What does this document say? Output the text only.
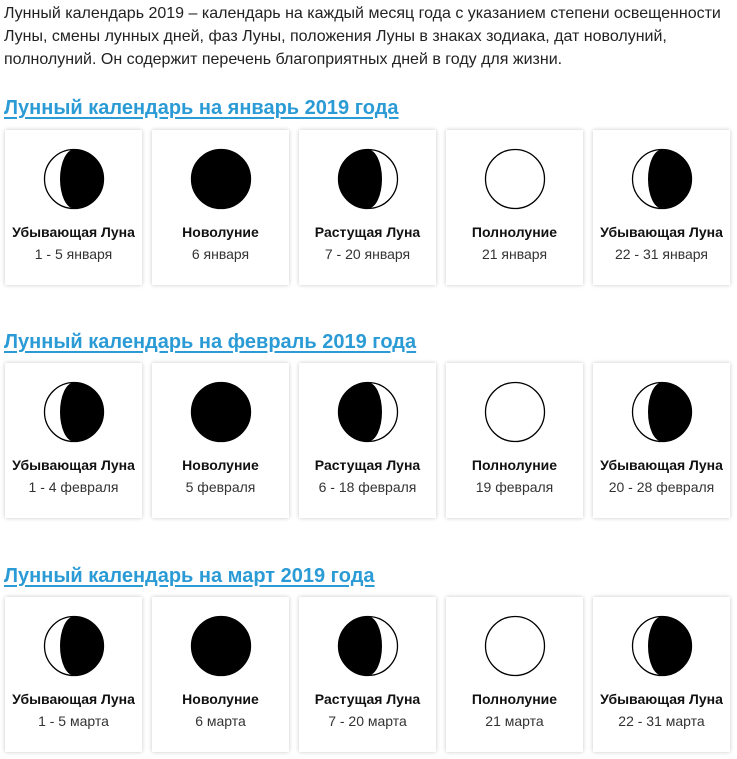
Лунный календарь 2019 – календарь на каждый месяц года с указанием степени освещенности Луны, смены лунных дней, фаз Луны, положения Луны в знаках зодиака, дат новолуний, полнолуний. Он содержит перечень благоприятных дней в году для жизни.

Лунный календарь на январь 2019 года
Убывающая Луна
1 - 5 января
Новолуние
6 января
Растущая Луна
7 - 20 января
Полнолуние
21 января
Убывающая Луна
22 - 31 января
Лунный календарь на февраль 2019 года
Убывающая Луна
1 - 4 февраля
Новолуние
5 февраля
Растущая Луна
6 - 18 февраля
Полнолуние
19 февраля
Убывающая Луна
20 - 28 февраля
Лунный календарь на март 2019 года
Убывающая Луна
1 - 5 марта
Новолуние
6 марта
Растущая Луна
7 - 20 марта
Полнолуние
21 марта
Убывающая Луна
22 - 31 марта
